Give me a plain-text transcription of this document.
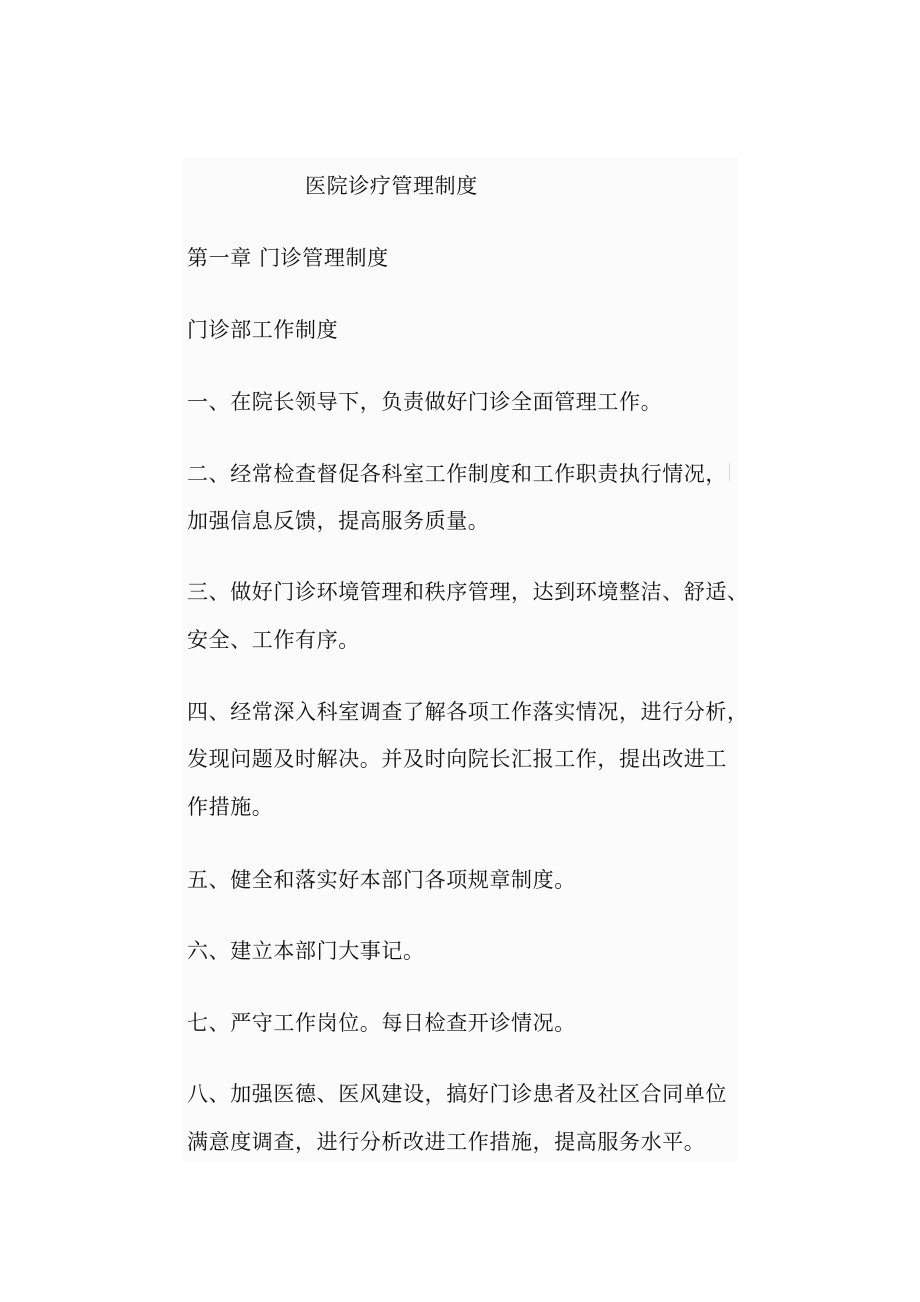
医院诊疗管理制度
第一章 门诊管理制度
门诊部工作制度
一、在院长领导下，负责做好门诊全面管理工作。
二、经常检查督促各科室工作制度和工作职责执行情况，
加强信息反馈，提高服务质量。
三、做好门诊环境管理和秩序管理，达到环境整洁、舒适、
安全、工作有序。
四、经常深入科室调查了解各项工作落实情况，进行分析，
发现问题及时解决。并及时向院长汇报工作，提出改进工
作措施。
五、健全和落实好本部门各项规章制度。
六、建立本部门大事记。
七、严守工作岗位。每日检查开诊情况。
八、加强医德、医风建设，搞好门诊患者及社区合同单位
满意度调查，进行分析改进工作措施，提高服务水平。
